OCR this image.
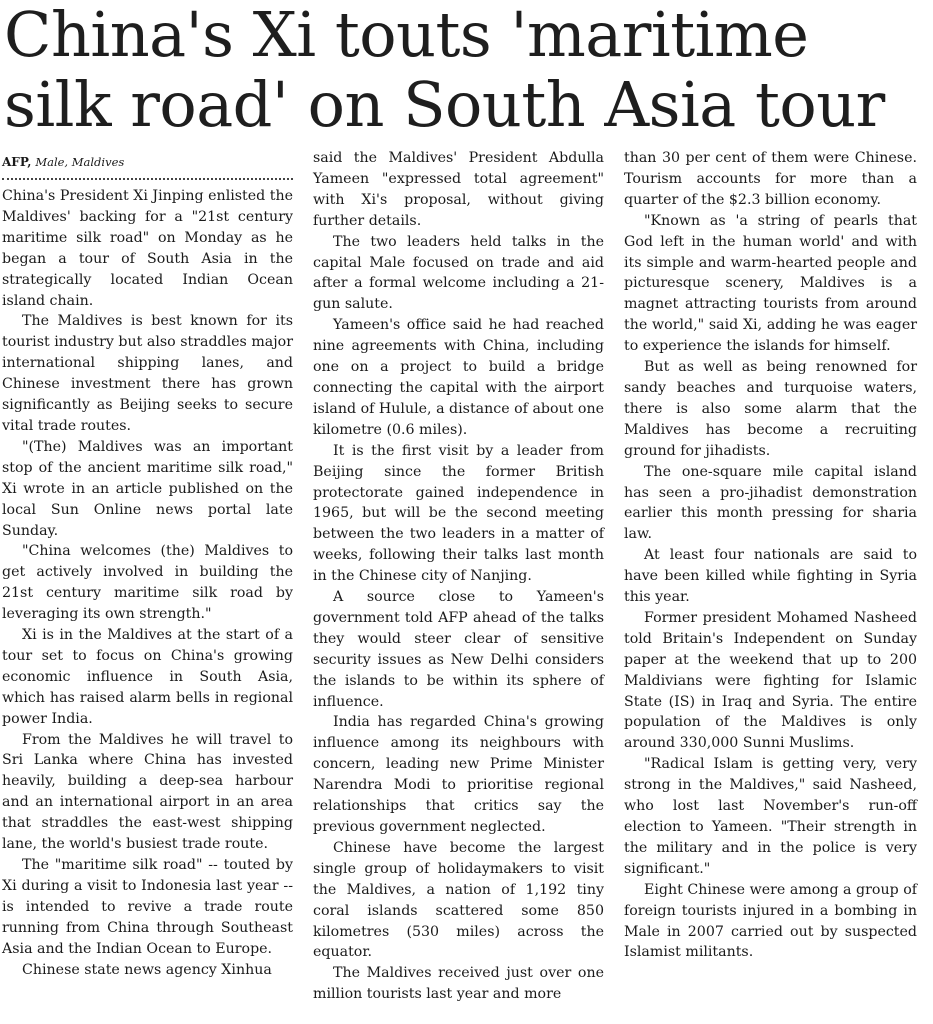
China's Xi touts 'maritime silk road' on South Asia tour
AFP, Male, Maldives

China's President Xi Jinping enlisted the Maldives' backing for a "21st century maritime silk road" on Monday as he began a tour of South Asia in the strategically located Indian Ocean island chain.

The Maldives is best known for its tourist industry but also straddles major international shipping lanes, and Chinese investment there has grown significantly as Beijing seeks to secure vital trade routes.

"(The) Maldives was an important stop of the ancient maritime silk road," Xi wrote in an article published on the local Sun Online news portal late Sunday.

"China welcomes (the) Maldives to get actively involved in building the 21st century maritime silk road by leveraging its own strength."

Xi is in the Maldives at the start of a tour set to focus on China's growing economic influence in South Asia, which has raised alarm bells in regional power India.

From the Maldives he will travel to Sri Lanka where China has invested heavily, building a deep-sea harbour and an international airport in an area that straddles the east-west shipping lane, the world's busiest trade route.

The "maritime silk road" -- touted by Xi during a visit to Indonesia last year -- is intended to revive a trade route running from China through Southeast Asia and the Indian Ocean to Europe.

Chinese state news agency Xinhua

said the Maldives' President Abdulla Yameen "expressed total agreement" with Xi's proposal, without giving further details.

The two leaders held talks in the capital Male focused on trade and aid after a formal welcome including a 21-gun salute.

Yameen's office said he had reached nine agreements with China, including one on a project to build a bridge connecting the capital with the airport island of Hulule, a distance of about one kilometre (0.6 miles).

It is the first visit by a leader from Beijing since the former British protectorate gained independence in 1965, but will be the second meeting between the two leaders in a matter of weeks, following their talks last month in the Chinese city of Nanjing.

A source close to Yameen's government told AFP ahead of the talks they would steer clear of sensitive security issues as New Delhi considers the islands to be within its sphere of influence.

India has regarded China's growing influence among its neighbours with concern, leading new Prime Minister Narendra Modi to prioritise regional relationships that critics say the previous government neglected.

Chinese have become the largest single group of holidaymakers to visit the Maldives, a nation of 1,192 tiny coral islands scattered some 850 kilometres (530 miles) across the equator.

The Maldives received just over one million tourists last year and more

than 30 per cent of them were Chinese. Tourism accounts for more than a quarter of the $2.3 billion economy.

"Known as 'a string of pearls that God left in the human world' and with its simple and warm-hearted people and picturesque scenery, Maldives is a magnet attracting tourists from around the world," said Xi, adding he was eager to experience the islands for himself.

But as well as being renowned for sandy beaches and turquoise waters, there is also some alarm that the Maldives has become a recruiting ground for jihadists.

The one-square mile capital island has seen a pro-jihadist demonstration earlier this month pressing for sharia law.

At least four nationals are said to have been killed while fighting in Syria this year.

Former president Mohamed Nasheed told Britain's Independent on Sunday paper at the weekend that up to 200 Maldivians were fighting for Islamic State (IS) in Iraq and Syria. The entire population of the Maldives is only around 330,000 Sunni Muslims.

"Radical Islam is getting very, very strong in the Maldives," said Nasheed, who lost last November's run-off election to Yameen. "Their strength in the military and in the police is very significant."

Eight Chinese were among a group of foreign tourists injured in a bombing in Male in 2007 carried out by suspected Islamist militants.
